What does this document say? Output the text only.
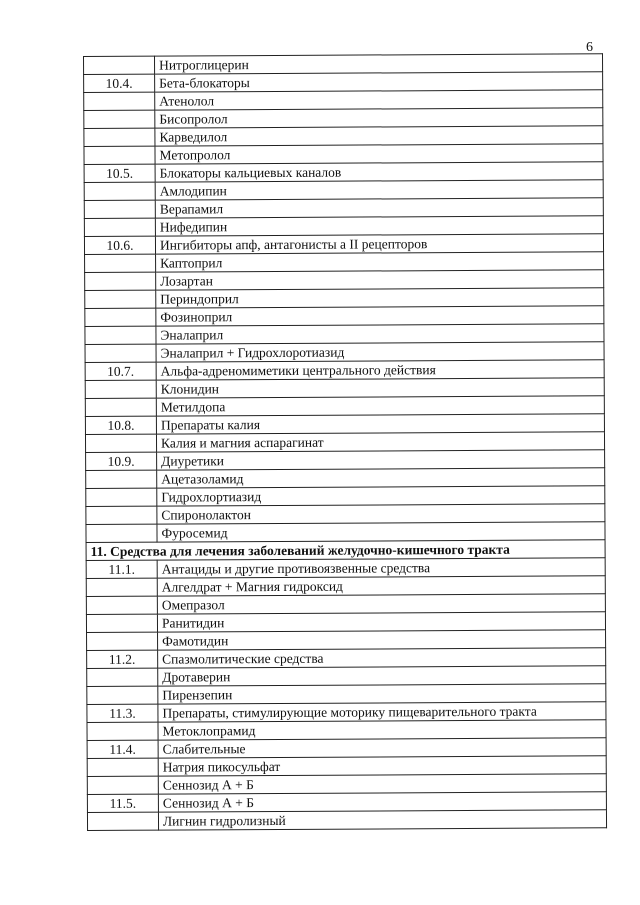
6
	Нитроглицерин
10.4.	Бета-блокаторы
	Атенолол
	Бисопролол
	Карведилол
	Метопролол
10.5.	Блокаторы кальциевых каналов
	Амлодипин
	Верапамил
	Нифедипин
10.6.	Ингибиторы апф, антагонисты a II рецепторов
	Каптоприл
	Лозартан
	Периндоприл
	Фозиноприл
	Эналаприл
	Эналаприл + Гидрохлоротиазид
10.7.	Альфа-адреномиметики центрального действия
	Клонидин
	Метилдопа
10.8.	Препараты калия
	Калия и магния аспарагинат
10.9.	Диуретики
	Ацетазоламид
	Гидрохлортиазид
	Спиронолактон
	Фуросемид
11. Средства для лечения заболеваний желудочно-кишечного тракта	
11.1.	Антациды и другие противоязвенные средства
	Алгелдрат + Магния гидроксид
	Омепразол
	Ранитидин
	Фамотидин
11.2.	Спазмолитические средства
	Дротаверин
	Пирензепин
11.3.	Препараты, стимулирующие моторику пищеварительного тракта
	Метоклопрамид
11.4.	Слабительные
	Натрия пикосульфат
	Сеннозид А + Б
11.5.	Сеннозид А + Б
	Лигнин гидролизный
